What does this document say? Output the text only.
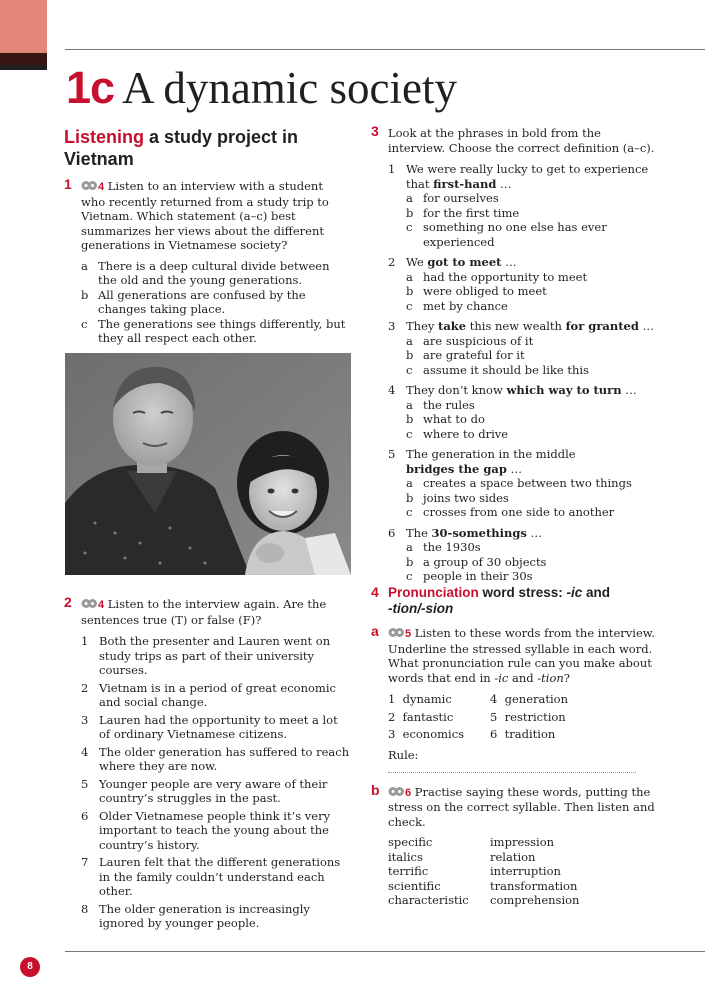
1c A dynamic society
Listening a study project in Vietnam
1 4 Listen to an interview with a student who recently returned from a study trip to Vietnam. Which statement (a–c) best summarizes her views about the different generations in Vietnamese society?
a There is a deep cultural divide between the old and the young generations.
b All generations are confused by the changes taking place.
c The generations see things differently, but they all respect each other.
2 4 Listen to the interview again. Are the sentences true (T) or false (F)?
1 Both the presenter and Lauren went on study trips as part of their university courses.
2 Vietnam is in a period of great economic and social change.
3 Lauren had the opportunity to meet a lot of ordinary Vietnamese citizens.
4 The older generation has suffered to reach where they are now.
5 Younger people are very aware of their country’s struggles in the past.
6 Older Vietnamese people think it’s very important to teach the young about the country’s history.
7 Lauren felt that the different generations in the family couldn’t understand each other.
8 The older generation is increasingly ignored by younger people.
3 Look at the phrases in bold from the interview. Choose the correct definition (a–c).
1 We were really lucky to get to experience that first-hand …
a for ourselves
b for the first time
c something no one else has ever experienced
2 We got to meet …
a had the opportunity to meet
b were obliged to meet
c met by chance
3 They take this new wealth for granted …
a are suspicious of it
b are grateful for it
c assume it should be like this
4 They don’t know which way to turn …
a the rules
b what to do
c where to drive
5 The generation in the middle bridges the gap …
a creates a space between two things
b joins two sides
c crosses from one side to another
6 The 30-somethings …
a the 1930s
b a group of 30 objects
c people in their 30s
4 Pronunciation word stress: -ic and
-tion/-sion
a 5 Listen to these words from the interview. Underline the stressed syllable in each word. What pronunciation rule can you make about words that end in -ic and -tion?
1 dynamic	4 generation
2 fantastic	5 restriction
3 economics	6 tradition
Rule:
b 6 Practise saying these words, putting the stress on the correct syllable. Then listen and check.
specific	impression
italics	relation
terrific	interruption
scientific	transformation
characteristic	comprehension
8
